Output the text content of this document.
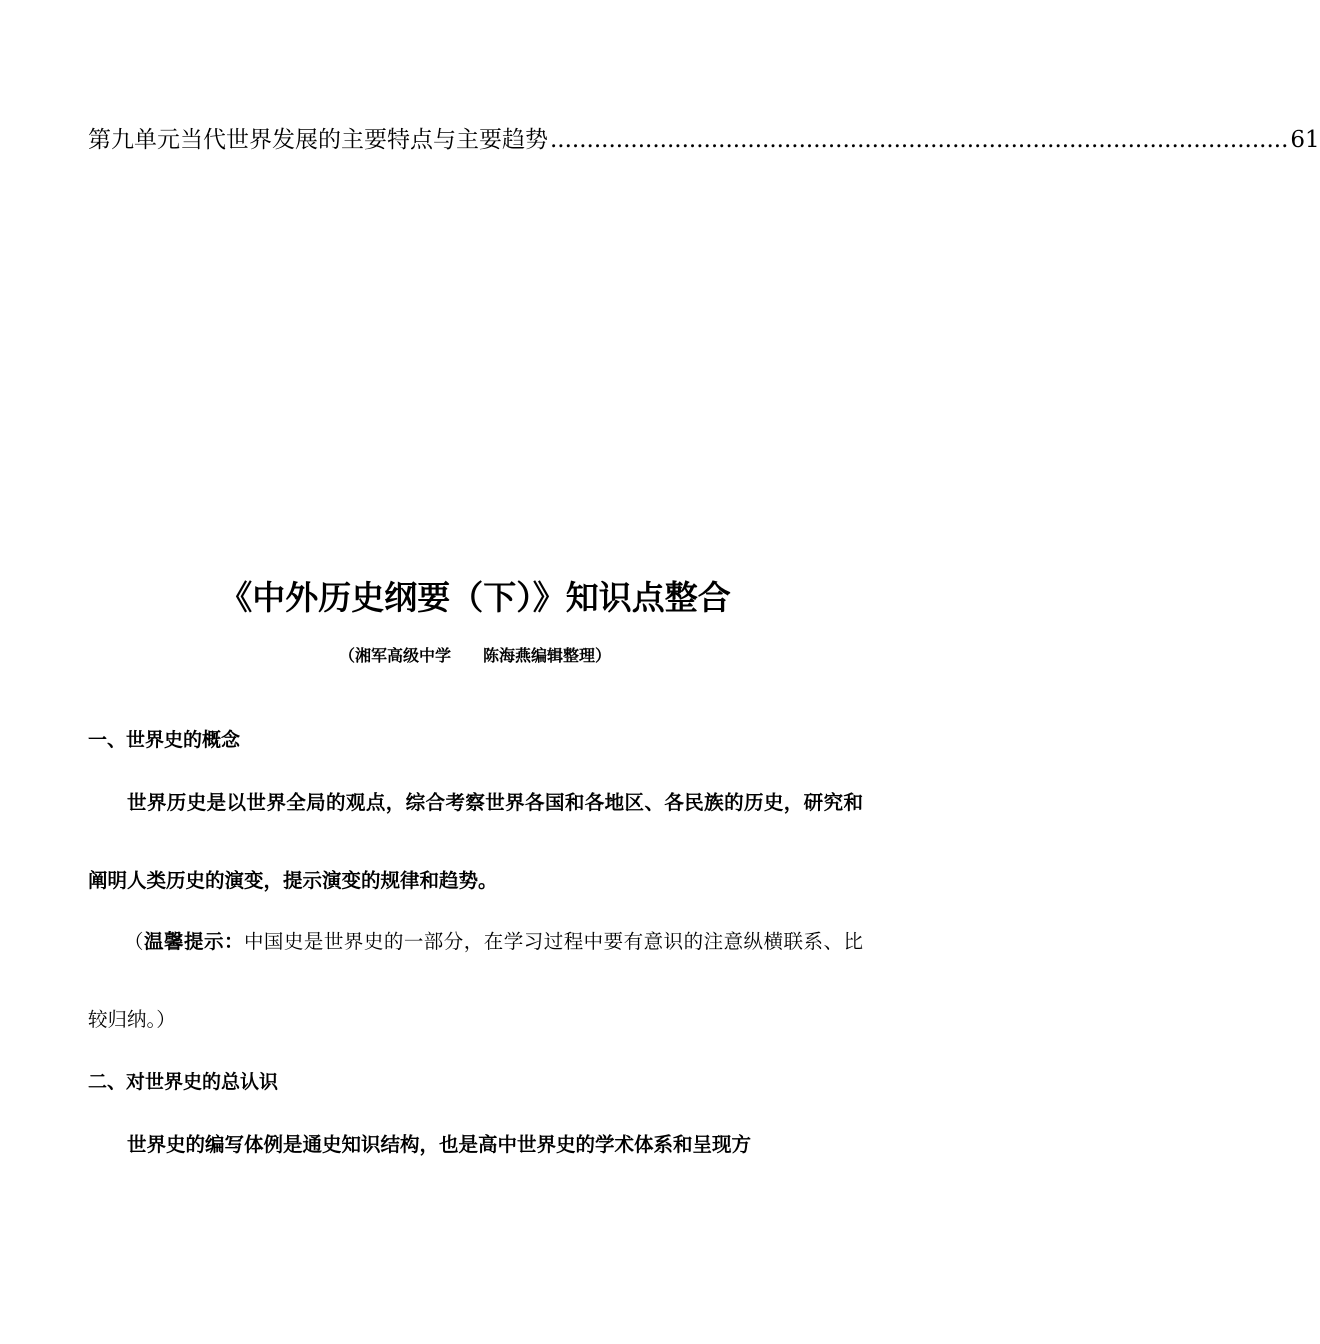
第九单元当代世界发展的主要特点与主要趋势 ..................................................................................................... 61
《中外历史纲要（下）》知识点整合
（湘军高级中学　　陈海燕编辑整理）
一、世界史的概念
世界历史是以世界全局的观点，综合考察世界各国和各地区、各民族的历史，研究和阐明人类历史的演变，提示演变的规律和趋势。
（温馨提示：中国史是世界史的一部分，在学习过程中要有意识的注意纵横联系、比较归纳。）
二、对世界史的总认识
世界史的编写体例是通史知识结构，也是高中世界史的学术体系和呈现方
